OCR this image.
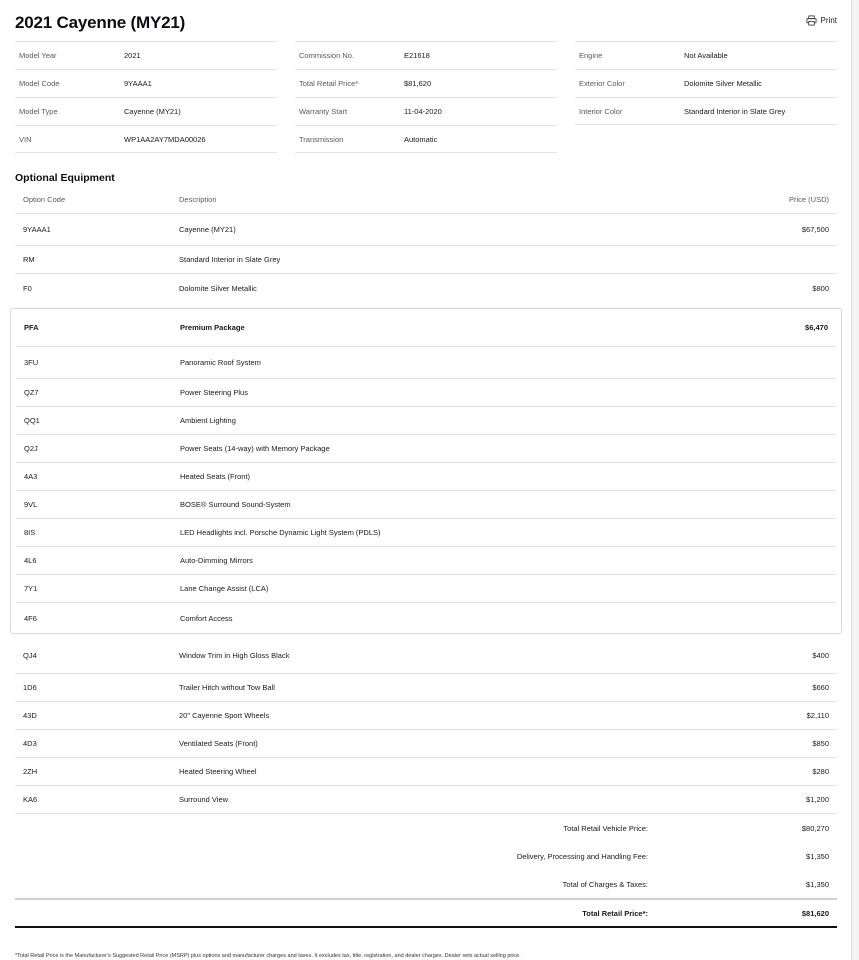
2021 Cayenne (MY21)	Print
Model Year	2021
Model Code	9YAAA1
Model Type	Cayenne (MY21)
VIN	WP1AA2AY7MDA00026
Commission No.	E21618
Total Retail Price*	$81,620
Warranty Start	11-04-2020
Transmission	Automatic
Engine	Not Available
Exterior Color	Dolomite Silver Metallic
Interior Color	Standard Interior in Slate Grey
Optional Equipment
Option Code	Description	Price (USD)
9YAAA1	Cayenne (MY21)	$67,500
RM	Standard Interior in Slate Grey
F0	Dolomite Silver Metallic	$800
PFA	Premium Package	$6,470
3FU	Panoramic Roof System
QZ7	Power Steering Plus
QQ1	Ambient Lighting
Q2J	Power Seats (14-way) with Memory Package
4A3	Heated Seats (Front)
9VL	BOSE® Surround Sound-System
8IS	LED Headlights incl. Porsche Dynamic Light System (PDLS)
4L6	Auto-Dimming Mirrors
7Y1	Lane Change Assist (LCA)
4F6	Comfort Access
QJ4	Window Trim in High Gloss Black	$400
1D6	Trailer Hitch without Tow Ball	$660
43D	20" Cayenne Sport Wheels	$2,110
4D3	Ventilated Seats (Front)	$850
2ZH	Heated Steering Wheel	$280
KA6	Surround View	$1,200
Total Retail Vehicle Price:	$80,270
Delivery, Processing and Handling Fee:	$1,350
Total of Charges & Taxes:	$1,350
Total Retail Price*:	$81,620
*Total Retail Price is the Manufacturer's Suggested Retail Price (MSRP) plus options and manufacturer charges and taxes. It excludes tax, title, registration, and dealer charges. Dealer sets actual selling price.
